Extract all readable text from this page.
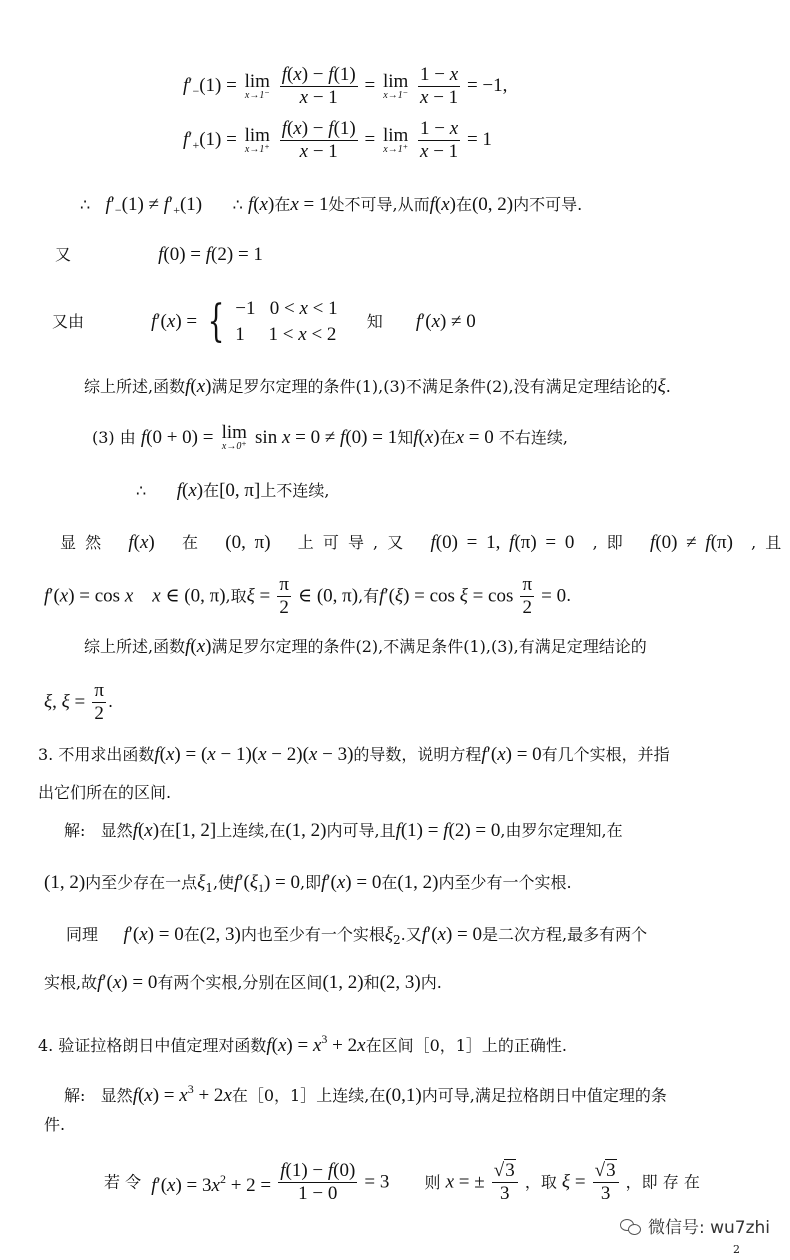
$f'_-(1) = \lim$
x→1⁻
$\frac{f(x) - f(1)}{x - 1} = \lim$
x→1⁻
$\frac{1 - x}{x - 1} = -1$,
$f'_+(1) = \lim$
x→1⁺
$\frac{f(x) - f(1)}{x - 1} = \lim$
x→1⁺
$\frac{1 - x}{x - 1} = 1$
∴ $f'_-(1) \ne f'_+(1)$ ∴ f(x)在x = 1处不可导,从而f(x)在(0, 2)内不可导.
又	f(0) = f(2) = 1
又由	f′(x) = { −1   0 < x < 1
1     1 < x < 2
知 f′(x) ≠ 0
综上所述,函数f(x)满足罗尔定理的条件(1),(3)不满足条件(2),没有满足定理结论的ξ.
(3) 由 f(0 + 0) = lim
x→0⁺ sin x = 0 ≠ f(0) = 1知f(x)在x = 0 不右连续,
∴ f(x)在[0, π]上不连续,
显 然 f(x) 在 (0, π) 上 可 导 , 又 f(0) = 1, f(π) = 0 , 即 f(0) ≠ f(π) , 且
f′(x) = cos x x ∈ (0, π),取$\xi = \frac{\pi}{2}$ ∈ (0, π),有$f'(\xi) = \cos \xi = \cos \frac{\pi}{2} = 0$.
综上所述,函数f(x)满足罗尔定理的条件(2),不满足条件(1),(3),有满足定理结论的
ξ, $\xi = \frac{\pi}{2}$ .
3. 不用求出函数f(x) = (x − 1)(x − 2)(x − 3)的导数，说明方程f′(x) = 0有几个实根，并指
出它们所在的区间.
解: 显然f(x)在[1, 2]上连续,在(1, 2)内可导,且f(1) = f(2) = 0,由罗尔定理知,在
(1, 2)内至少存在一点$\xi_1$,使$f'(\xi_1) = 0$,即f′(x) = 0在(1, 2)内至少有一个实根.
同理 f′(x) = 0在(2, 3)内也至少有一个实根$\xi_2$.又f′(x) = 0是二次方程,最多有两个
实根,故f′(x) = 0有两个实根,分别在区间(1, 2)和(2, 3)内.
4. 验证拉格朗日中值定理对函数$f(x) = x^3 + 2x$在区间［0，1］上的正确性.
解: 显然$f(x) = x^3 + 2x$在［0，1］上连续,在(0,1)内可导,满足拉格朗日中值定理的条
件.
若 令 $f'(x) = 3x^2 + 2 = \frac{f(1) - f(0)}{1 - 0} = 3$ 则 x = ± $\frac{√3}{3}$ ，取 $\xi = \frac{√3}{3}$ ，即 存 在
微信号: wu7zhi
2
